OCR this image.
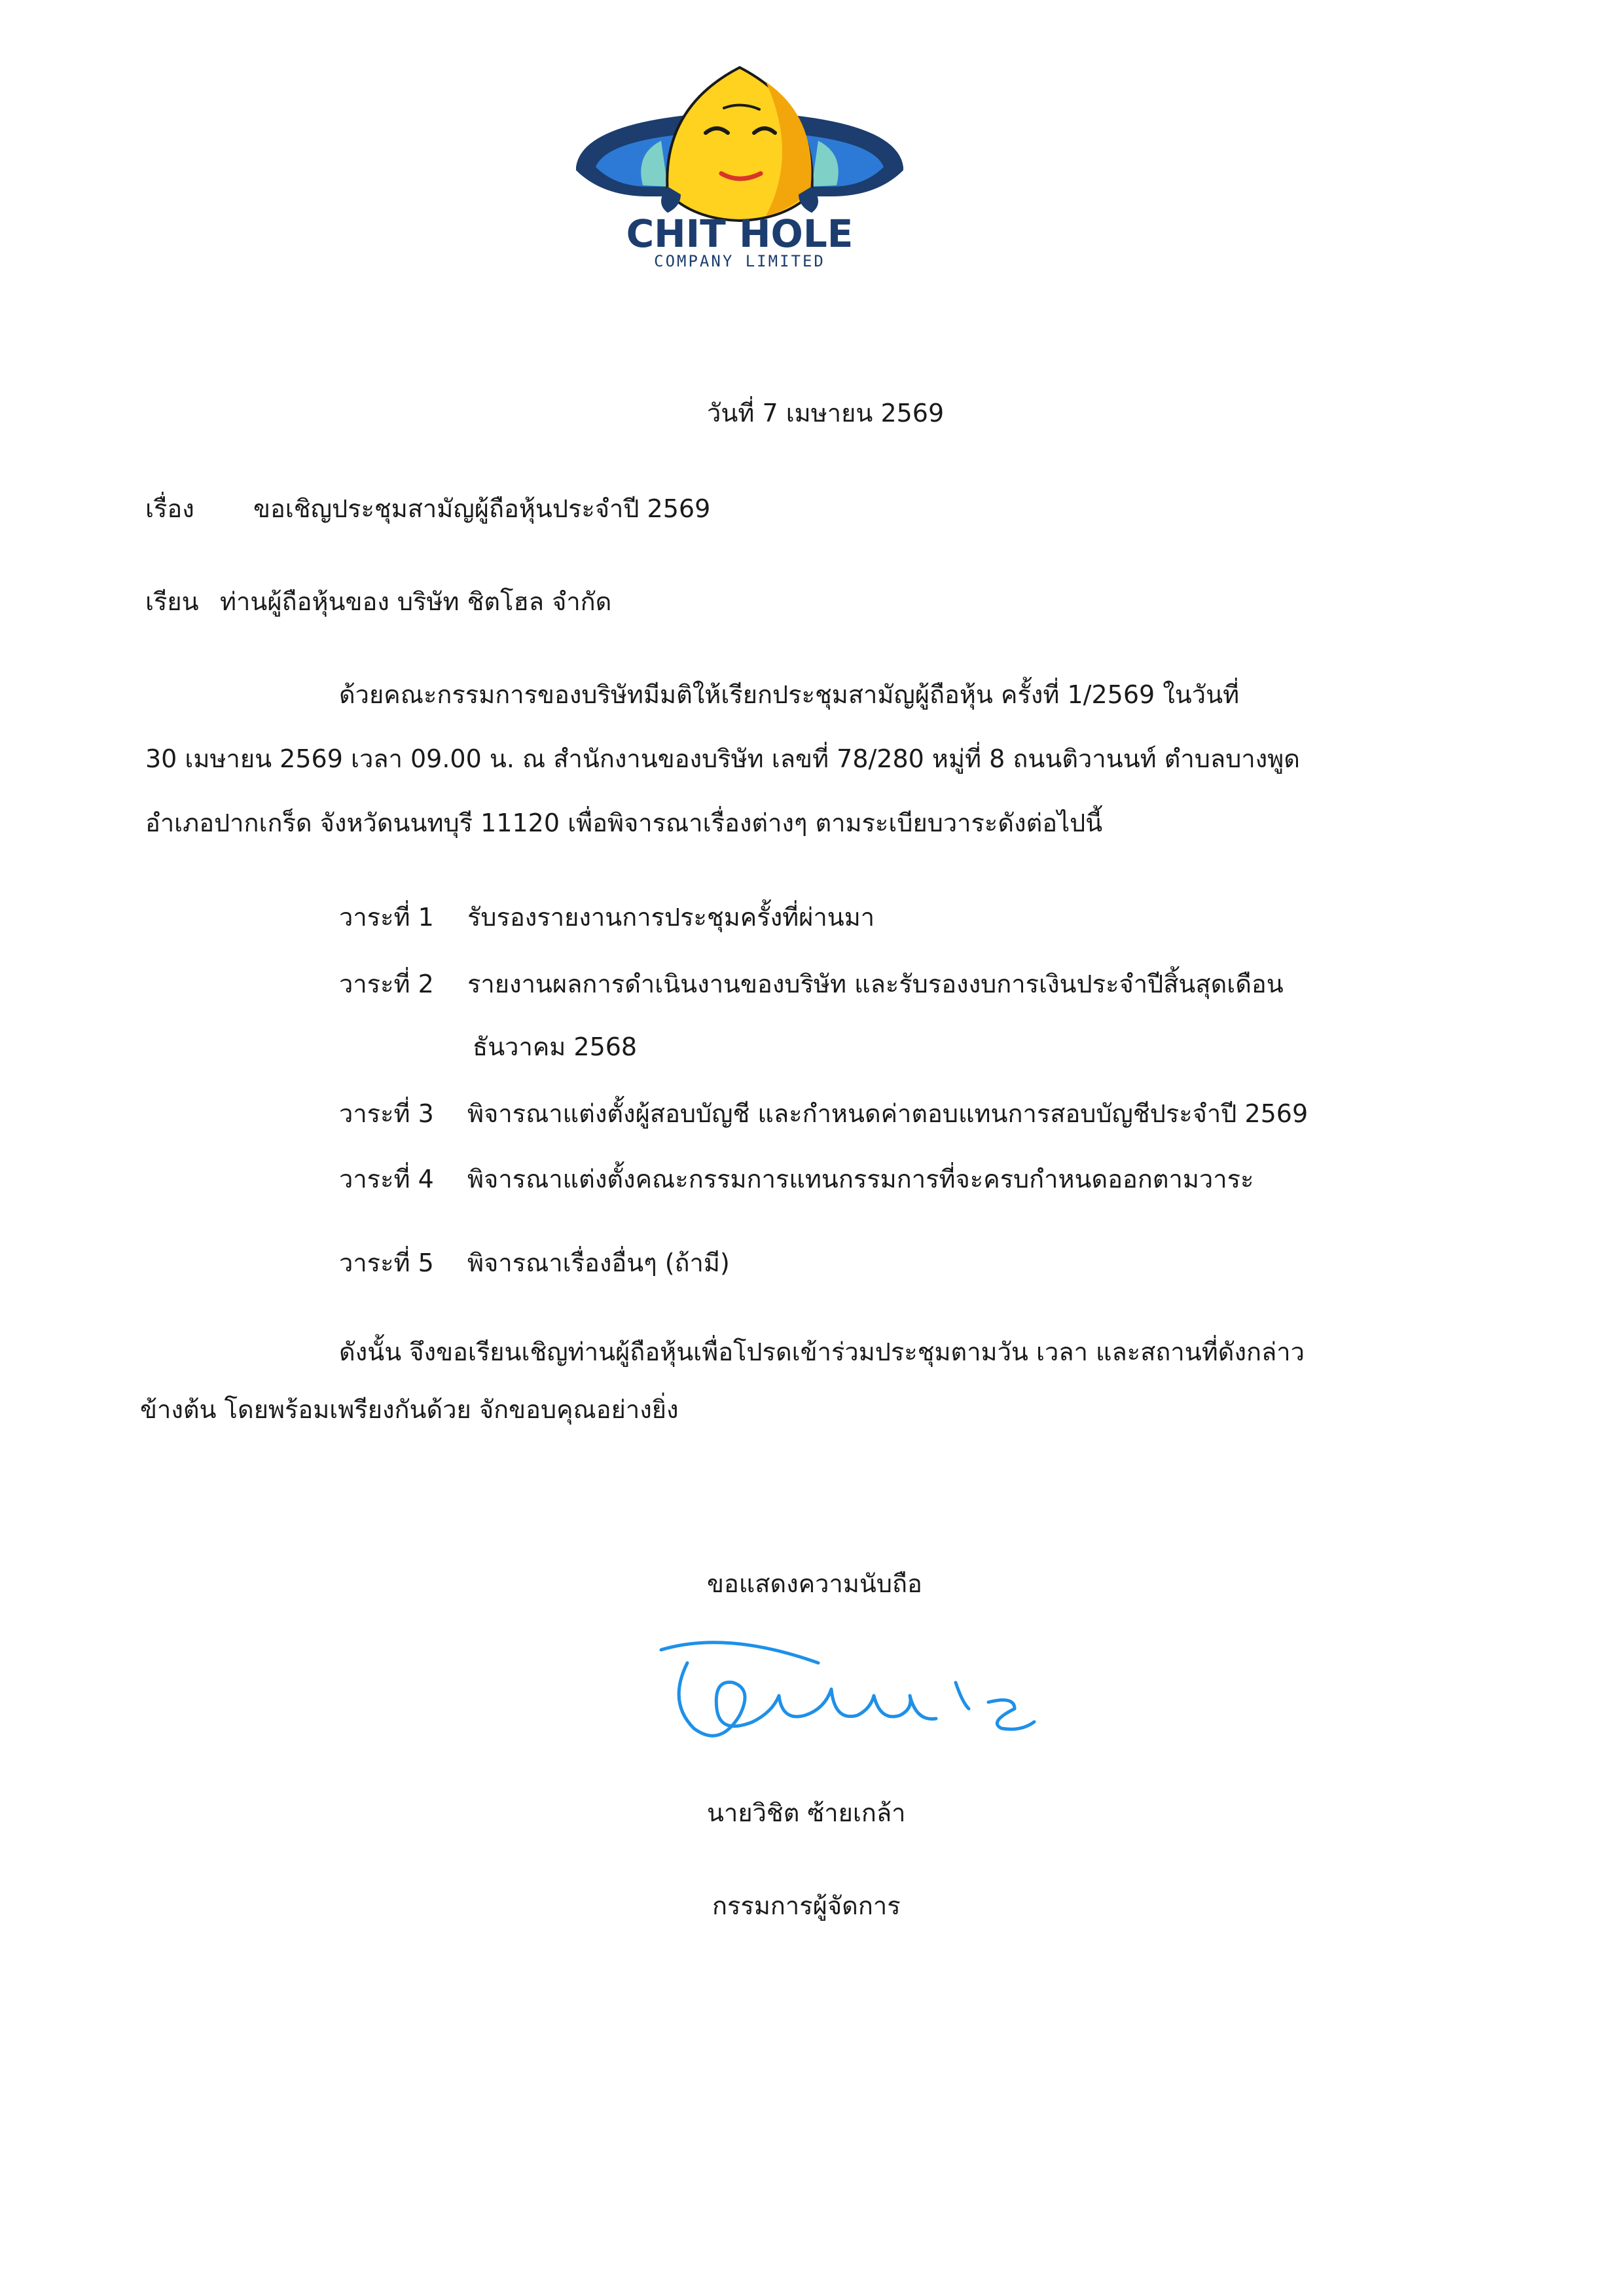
CHIT HOLE
COMPANY LIMITED
วันที่ 7 เมษายน 2569
เรื่อง ขอเชิญประชุมสามัญผู้ถือหุ้นประจำปี 2569
เรียน ท่านผู้ถือหุ้นของ บริษัท ชิตโฮล จำกัด
ด้วยคณะกรรมการของบริษัทมีมติให้เรียกประชุมสามัญผู้ถือหุ้น ครั้งที่ 1/2569 ในวันที่
30 เมษายน 2569 เวลา 09.00 น. ณ สำนักงานของบริษัท เลขที่ 78/280 หมู่ที่ 8 ถนนติวานนท์ ตำบลบางพูด
อำเภอปากเกร็ด จังหวัดนนทบุรี 11120 เพื่อพิจารณาเรื่องต่างๆ ตามระเบียบวาระดังต่อไปนี้
วาระที่ 1 รับรองรายงานการประชุมครั้งที่ผ่านมา
วาระที่ 2 รายงานผลการดำเนินงานของบริษัท และรับรองงบการเงินประจำปีสิ้นสุดเดือน
ธันวาคม 2568
วาระที่ 3 พิจารณาแต่งตั้งผู้สอบบัญชี และกำหนดค่าตอบแทนการสอบบัญชีประจำปี 2569
วาระที่ 4 พิจารณาแต่งตั้งคณะกรรมการแทนกรรมการที่จะครบกำหนดออกตามวาระ
วาระที่ 5 พิจารณาเรื่องอื่นๆ (ถ้ามี)
ดังนั้น จึงขอเรียนเชิญท่านผู้ถือหุ้นเพื่อโปรดเข้าร่วมประชุมตามวัน เวลา และสถานที่ดังกล่าว
ข้างต้น โดยพร้อมเพรียงกันด้วย จักขอบคุณอย่างยิ่ง
ขอแสดงความนับถือ
นายวิชิต ซ้ายเกล้า
กรรมการผู้จัดการ
